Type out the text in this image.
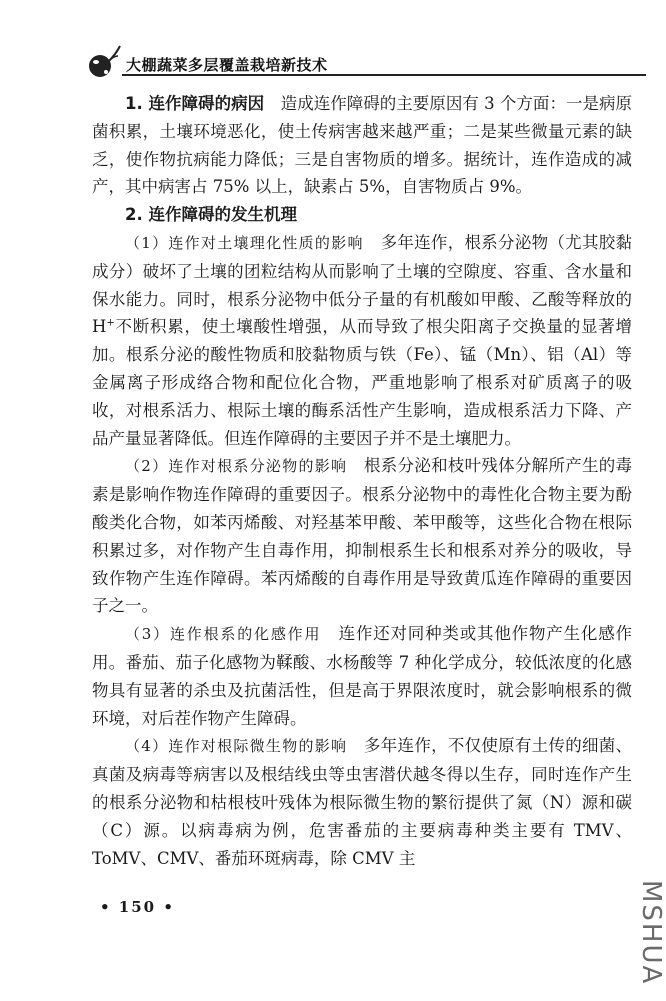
大棚蔬菜多层覆盖栽培新技术

1. 连作障碍的病因　 造成连作障碍的主要原因有 3 个方面：一是病原菌积累，土壤环境恶化，使土传病害越来越严重；二是某些微量元素的缺乏，使作物抗病能力降低；三是自害物质的增多。据统计，连作造成的减产，其中病害占 75% 以上，缺素占 5%，自害物质占 9%。

2. 连作障碍的发生机理

（1）连作对土壤理化性质的影响　 多年连作，根系分泌物（尤其胶黏成分）破坏了土壤的团粒结构从而影响了土壤的空隙度、容重、含水量和保水能力。同时，根系分泌物中低分子量的有机酸如甲酸、乙酸等释放的 H+不断积累，使土壤酸性增强，从而导致了根尖阳离子交换量的显著增加。根系分泌的酸性物质和胶黏物质与铁（Fe）、锰（Mn）、铝（Al）等金属离子形成络合物和配位化合物，严重地影响了根系对矿质离子的吸收，对根系活力、根际土壤的酶系活性产生影响，造成根系活力下降、产品产量显著降低。但连作障碍的主要因子并不是土壤肥力。

（2）连作对根系分泌物的影响　 根系分泌和枝叶残体分解所产生的毒素是影响作物连作障碍的重要因子。根系分泌物中的毒性化合物主要为酚酸类化合物，如苯丙烯酸、对羟基苯甲酸、苯甲酸等，这些化合物在根际积累过多，对作物产生自毒作用，抑制根系生长和根系对养分的吸收，导致作物产生连作障碍。苯丙烯酸的自毒作用是导致黄瓜连作障碍的重要因子之一。

（3）连作根系的化感作用　 连作还对同种类或其他作物产生化感作用。番茄、茄子化感物为鞣酸、水杨酸等 7 种化学成分，较低浓度的化感物具有显著的杀虫及抗菌活性，但是高于界限浓度时，就会影响根系的微环境，对后茬作物产生障碍。

（4）连作对根际微生物的影响　 多年连作，不仅使原有土传的细菌、真菌及病毒等病害以及根结线虫等虫害潜伏越冬得以生存，同时连作产生的根系分泌物和枯根枝叶残体为根际微生物的繁衍提供了氮（N）源和碳（C）源。以病毒病为例，危害番茄的主要病毒种类主要有 TMV、ToMV、CMV、番茄环斑病毒，除 CMV 主

• 150 •	MSHUA
